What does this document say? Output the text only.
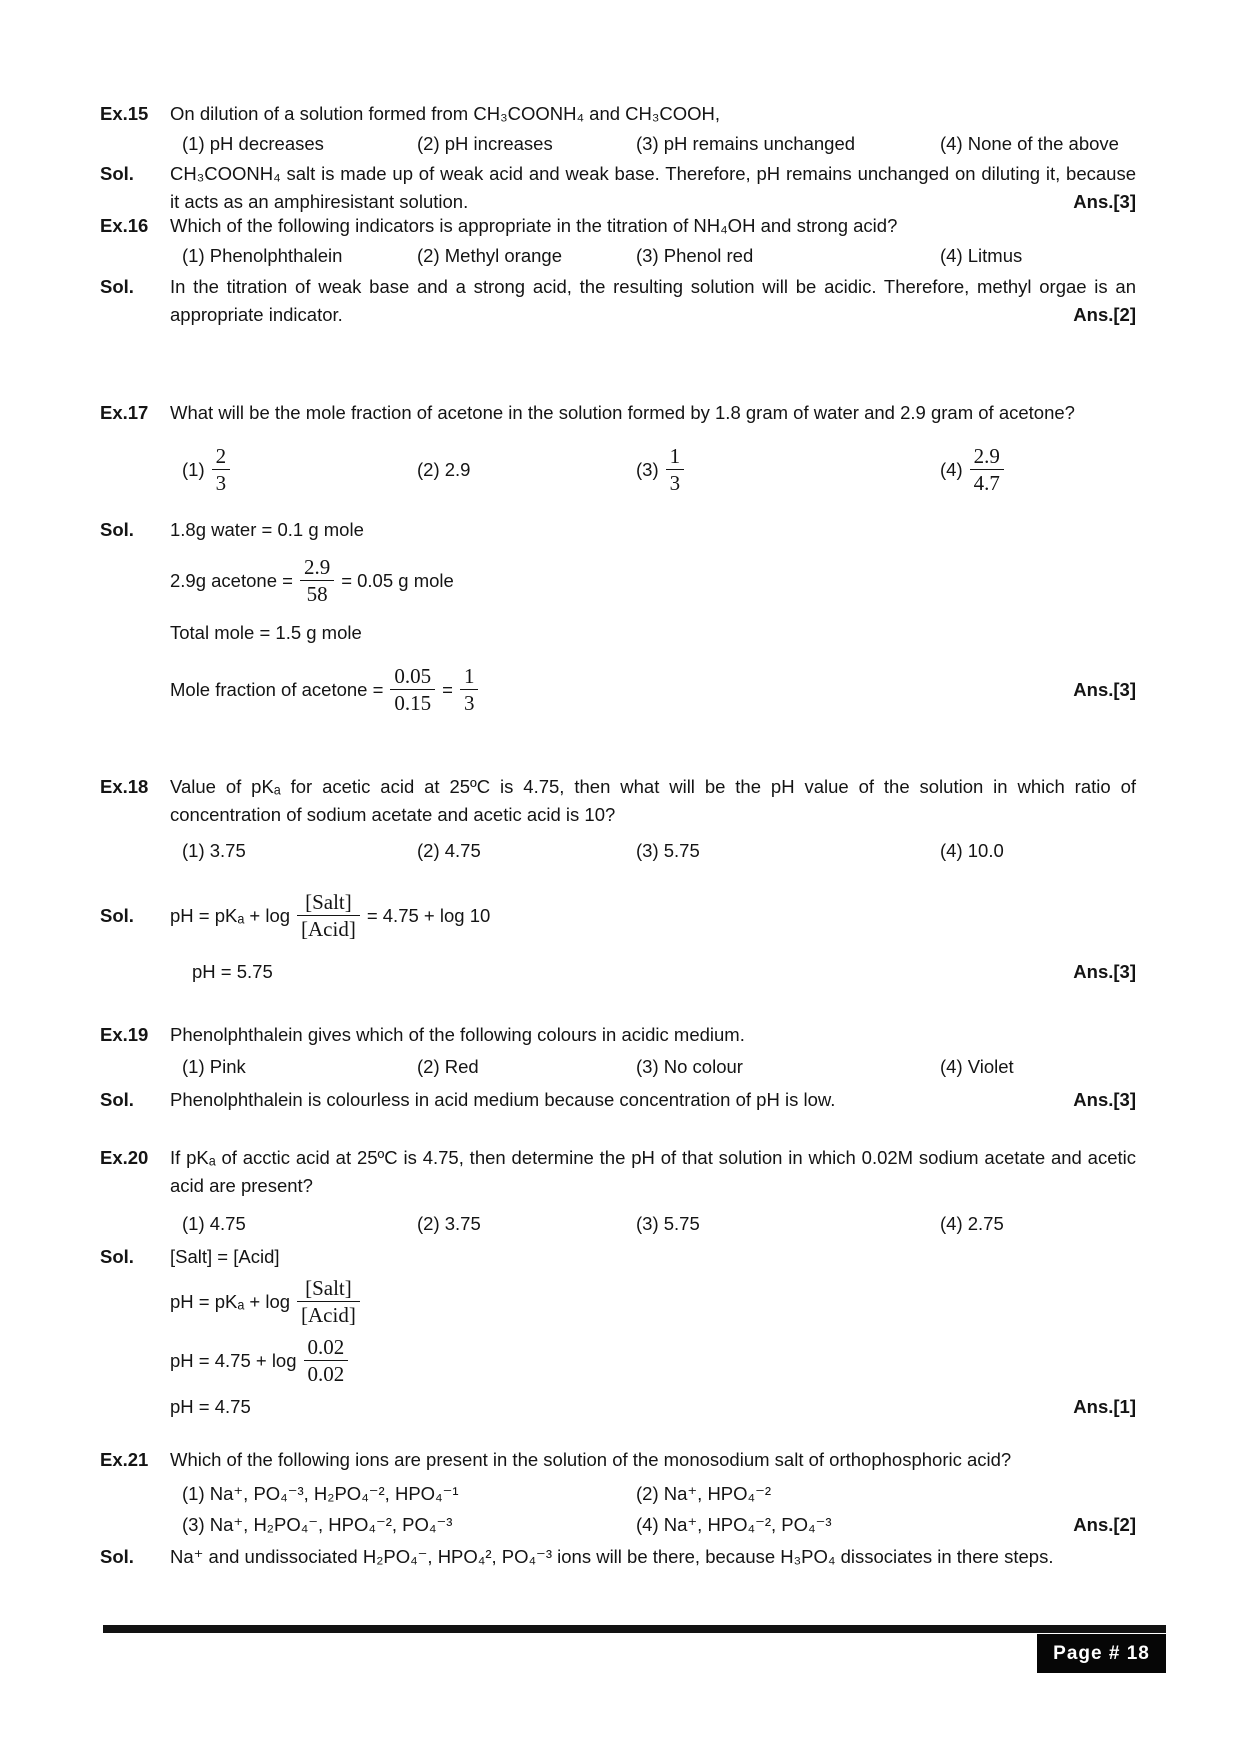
Ex.15	On dilution of a solution formed from CH₃COONH₄ and CH₃COOH,

(1) pH decreases	(2) pH increases	(3) pH remains unchanged	(4) None of the above
Sol.	CH₃COONH₄ salt is made up of weak acid and weak base. Therefore, pH remains unchanged on diluting it, because it acts as an amphiresistant solution.	Ans.[3]

Ex.16	Which of the following indicators is appropriate in the titration of NH₄OH and strong acid?

(1) Phenolphthalein	(2) Methyl orange	(3) Phenol red	(4) Litmus
Sol.	In the titration of weak base and a strong acid, the resulting solution will be acidic. Therefore, methyl orgae is an appropriate indicator.	Ans.[2]

Ex.17	What will be the mole fraction of acetone in the solution formed by 1.8 gram of water and 2.9 gram of acetone?

$(1) \frac{2}{3}$	(2) 2.9	$(3) \frac{1}{3}$	$(4) \frac{2.9}{4.7}$
Sol.	1.8g water = 0.1 g mole

2.9g acetone = $\frac{2.9}{58} = 0.05$ g mole
Total mole = 1.5 g mole
Mole fraction of acetone = $\frac{0.05}{0.15} = \frac{1}{3}$	Ans.[3]
Ex.18	Value of pKₐ for acetic acid at 25ºC is 4.75, then what will be the pH value of the solution in which ratio of concentration of sodium acetate and acetic acid is 10?

(1) 3.75	(2) 4.75	(3) 5.75	(4) 10.0
Sol.	pH = $pK_a + \log \frac{\text{[Salt]}}{\text{[Acid]}} = 4.75 + \log 10$
pH = 5.75	Ans.[3]
Ex.19	Phenolphthalein gives which of the following colours in acidic medium.

(1) Pink	(2) Red	(3) No colour	(4) Violet
Sol.	Phenolphthalein is colourless in acid medium because concentration of pH is low.	Ans.[3]

Ex.20	If pKₐ of acctic acid at 25ºC is 4.75, then determine the pH of that solution in which 0.02M sodium acetate and acetic acid are present?

(1) 4.75	(2) 3.75	(3) 5.75	(4) 2.75
Sol.	[Salt] = [Acid]

pH = $pK_a + \log \frac{\text{[Salt]}}{\text{[Acid]}}$
pH = $4.75 + \log \frac{0.02}{0.02}$
pH = 4.75	Ans.[1]
Ex.21	Which of the following ions are present in the solution of the monosodium salt of orthophosphoric acid?

(1) Na⁺, PO₄⁻³, H₂PO₄⁻², HPO₄⁻¹	(2) Na⁺, HPO₄⁻²
(3) Na⁺, H₂PO₄⁻, HPO₄⁻², PO₄⁻³	(4) Na⁺, HPO₄⁻², PO₄⁻³	Ans.[2]
Sol.	Na⁺ and undissociated H₂PO₄⁻, HPO₄², PO₄⁻³ ions will be there, because H₃PO₄ dissociates in there steps.

Page # 18
